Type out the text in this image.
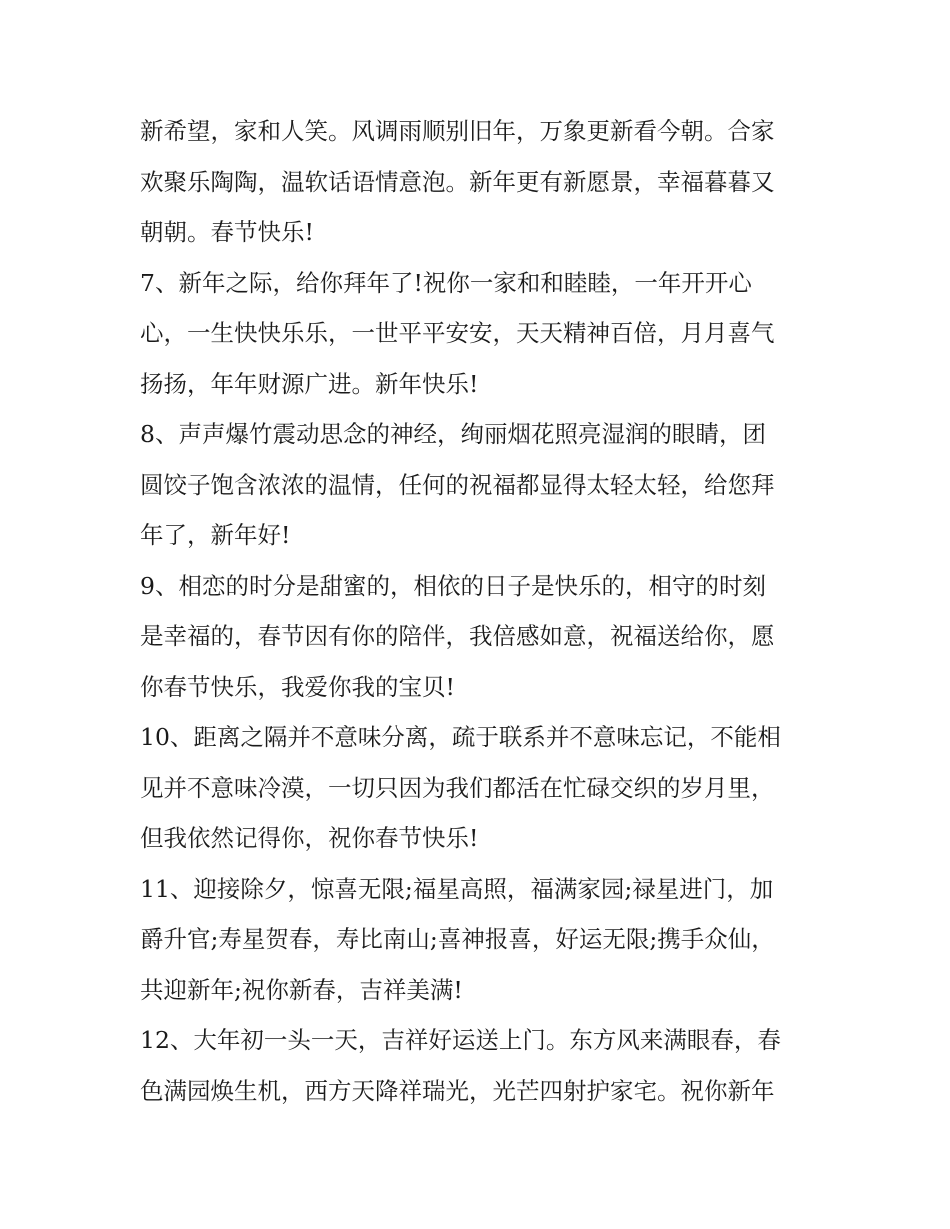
新希望，家和人笑。风调雨顺别旧年，万象更新看今朝。合家
欢聚乐陶陶，温软话语情意泡。新年更有新愿景，幸福暮暮又
朝朝。春节快乐!
7、新年之际，给你拜年了!祝你一家和和睦睦，一年开开心
心，一生快快乐乐，一世平平安安，天天精神百倍，月月喜气
扬扬，年年财源广进。新年快乐!
8、声声爆竹震动思念的神经，绚丽烟花照亮湿润的眼睛，团
圆饺子饱含浓浓的温情，任何的祝福都显得太轻太轻，给您拜
年了，新年好!
9、相恋的时分是甜蜜的，相依的日子是快乐的，相守的时刻
是幸福的，春节因有你的陪伴，我倍感如意，祝福送给你，愿
你春节快乐，我爱你我的宝贝!
10、距离之隔并不意味分离，疏于联系并不意味忘记，不能相
见并不意味冷漠，一切只因为我们都活在忙碌交织的岁月里，
但我依然记得你，祝你春节快乐!
11、迎接除夕，惊喜无限;福星高照，福满家园;禄星进门，加
爵升官;寿星贺春，寿比南山;喜神报喜，好运无限;携手众仙，
共迎新年;祝你新春，吉祥美满!
12、大年初一头一天，吉祥好运送上门。东方风来满眼春，春
色满园焕生机，西方天降祥瑞光，光芒四射护家宅。祝你新年
